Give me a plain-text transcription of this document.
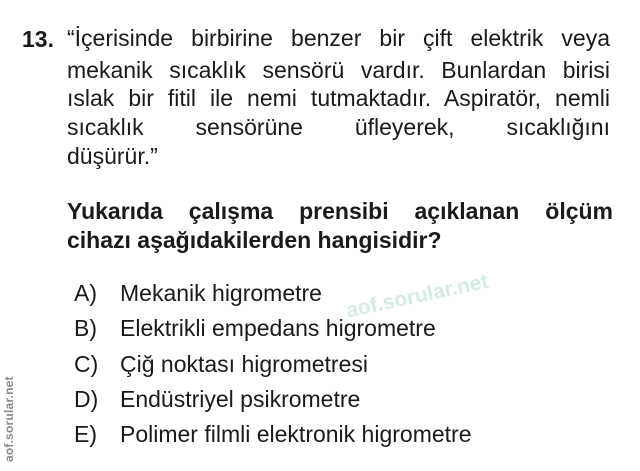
13. “İçerisinde birbirine benzer bir çift elektrik veya
mekanik sıcaklık sensörü vardır. Bunlardan birisi
ıslak bir fitil ile nemi tutmaktadır. Aspiratör, nemli
sıcaklık sensörüne üfleyerek, sıcaklığını
düşürür.”
Yukarıda çalışma prensibi açıklanan ölçüm
cihazı aşağıdakilerden hangisidir?
A) Mekanik higrometre
B) Elektrikli empedans higrometre
C) Çiğ noktası higrometresi
D) Endüstriyel psikrometre
E) Polimer filmli elektronik higrometre
aof.sorular.net
aof.sorular.net
